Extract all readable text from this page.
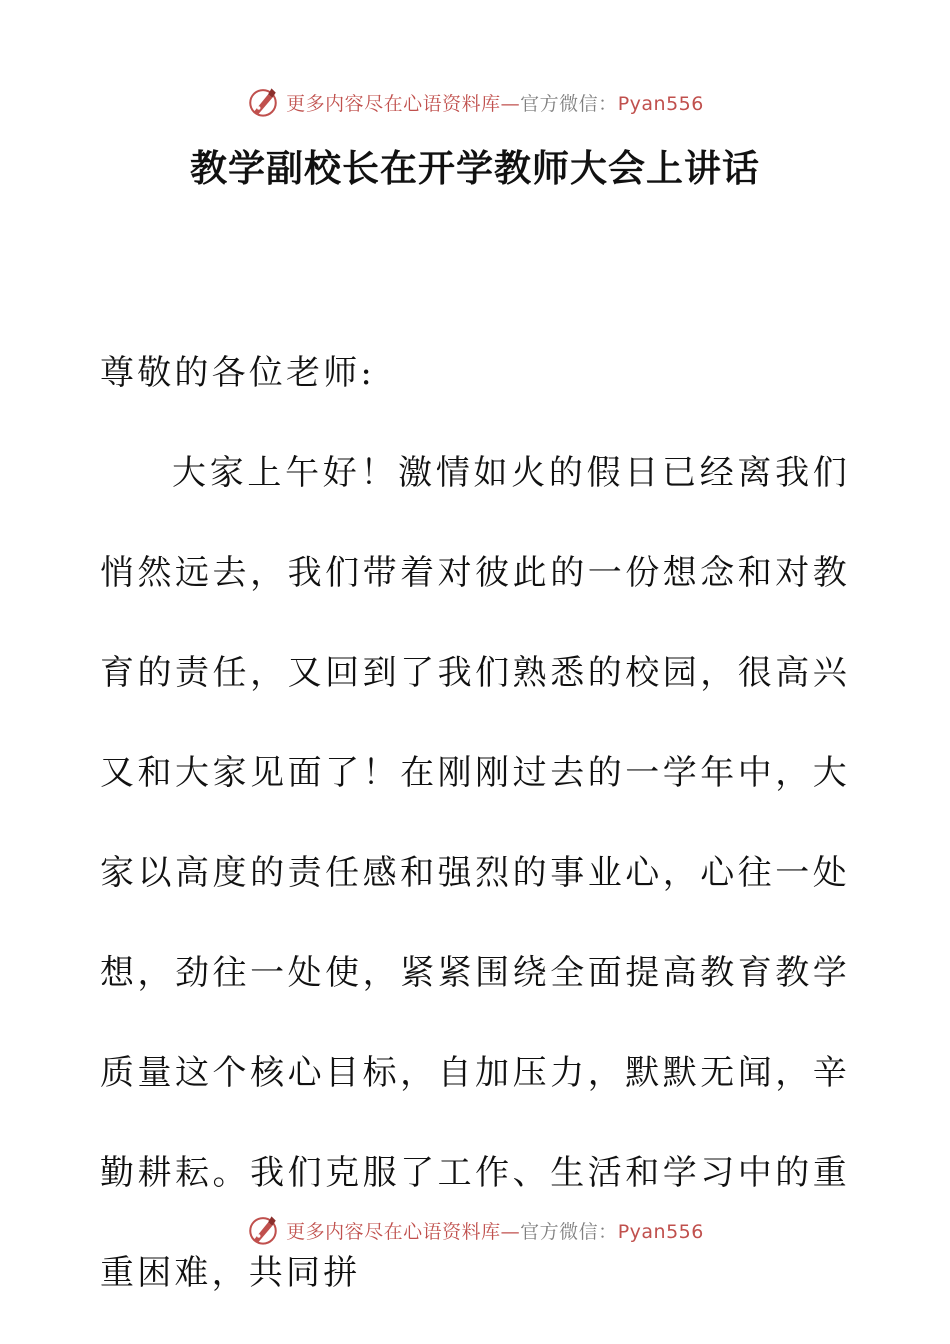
更多内容尽在心语资料库—官方微信：Pyan556
教学副校长在开学教师大会上讲话

尊敬的各位老师:

大家上午好！激情如火的假日已经离我们悄然远去，我们带着对彼此的一份想念和对教育的责任，又回到了我们熟悉的校园，很高兴又和大家见面了！在刚刚过去的一学年中，大家以高度的责任感和强烈的事业心，心往一处想，劲往一处使，紧紧围绕全面提高教育教学质量这个核心目标，自加压力，默默无闻，辛勤耕耘。我们克服了工作、生活和学习中的重重困难，共同拼

更多内容尽在心语资料库—官方微信：Pyan556
